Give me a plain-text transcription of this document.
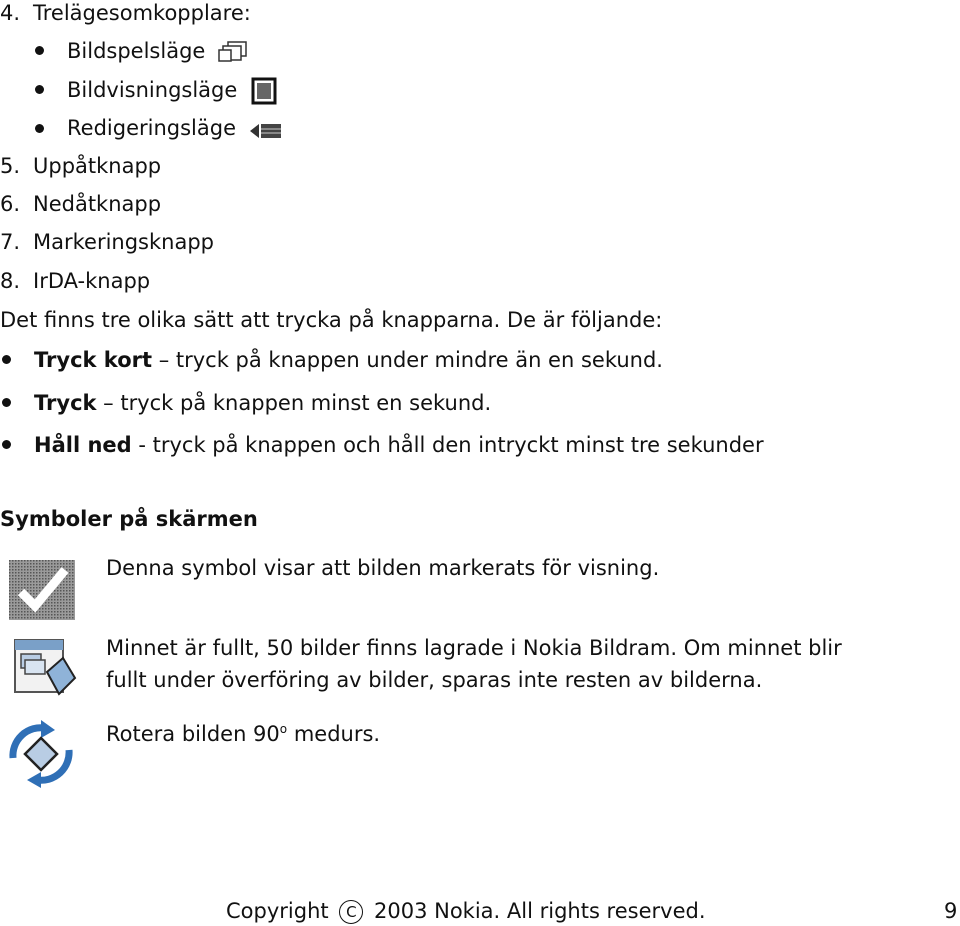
4. Trelägesomkopplare:
Bildspelsläge
Bildvisningsläge
Redigeringsläge
5. Uppåtknapp
6. Nedåtknapp
7. Markeringsknapp
8. IrDA-knapp
Det finns tre olika sätt att trycka på knapparna. De är följande:
Tryck kort – tryck på knappen under mindre än en sekund.
Tryck – tryck på knappen minst en sekund.
Håll ned - tryck på knappen och håll den intryckt minst tre sekunder
Symboler på skärmen
Denna symbol visar att bilden markerats för visning.
Minnet är fullt, 50 bilder finns lagrade i Nokia Bildram. Om minnet blir
fullt under överföring av bilder, sparas inte resten av bilderna.
Rotera bilden 90$^o$ medurs.
Copyright C 2003 Nokia. All rights reserved.	9
